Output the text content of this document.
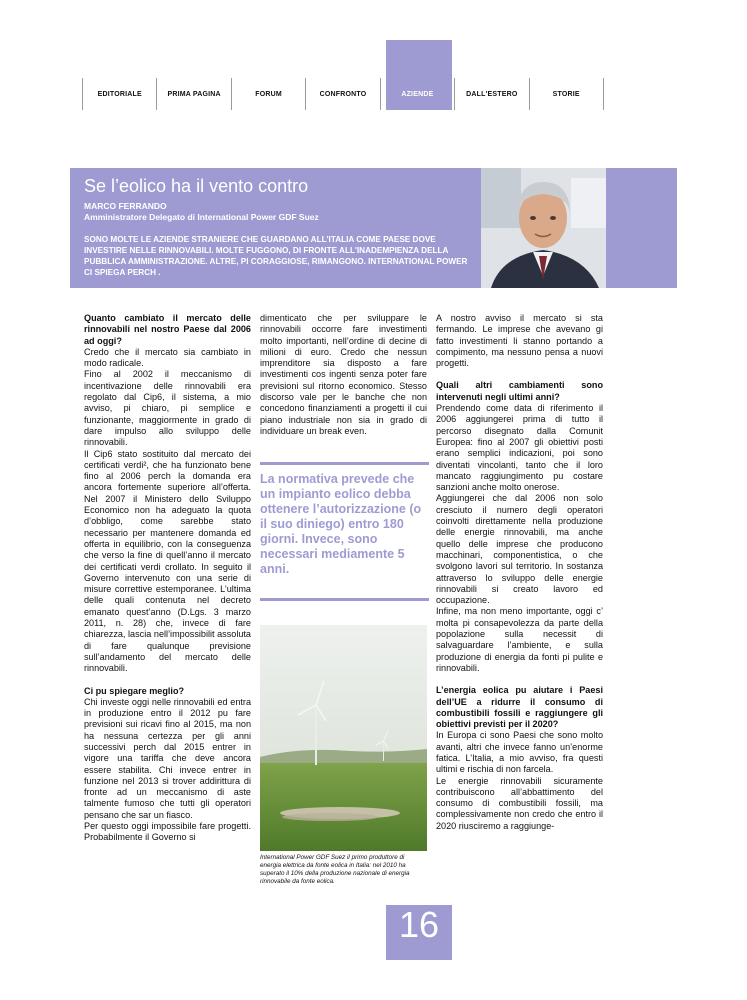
EDITORIALE	PRIMA PAGINA	FORUM	CONFRONTO	AZIENDE	DALL'ESTERO	STORIE
Se l’eolico ha il vento contro
MARCO FERRANDO
Amministratore Delegato di International Power GDF Suez

SONO MOLTE LE AZIENDE STRANIERE CHE GUARDANO ALL'ITALIA COME PAESE DOVE INVESTIRE NELLE RINNOVABILI. MOLTE FUGGONO, DI FRONTE ALL'INADEMPIENZA DELLA PUBBLICA AMMINISTRAZIONE. ALTRE, PI CORAGGIOSE, RIMANGONO. INTERNATIONAL POWER CI SPIEGA PERCH .

Quanto cambiato il mercato delle rinnovabili nel nostro Paese dal 2006 ad oggi?

Credo che il mercato sia cambiato in modo radicale.

Fino al 2002 il meccanismo di incentivazione delle rinnovabili era regolato dal Cip6, il sistema, a mio avviso, pi chiaro, pi semplice e funzionante, maggiormente in grado di dare impulso allo sviluppo delle rinnovabili.

Il Cip6 stato sostituito dal mercato dei certificati verdi², che ha funzionato bene fino al 2006 perch la domanda era ancora fortemente superiore all’offerta. Nel 2007 il Ministero dello Sviluppo Economico non ha adeguato la quota d’obbligo, come sarebbe stato necessario per mantenere domanda ed offerta in equilibrio, con la conseguenza che verso la fine di quell’anno il mercato dei certificati verdi crollato. In seguito il Governo intervenuto con una serie di misure correttive estemporanee. L’ultima delle quali contenuta nel decreto emanato quest’anno (D.Lgs. 3 marzo 2011, n. 28) che, invece di fare chiarezza, lascia nell’impossibilit assoluta di fare qualunque previsione sull’andamento del mercato delle rinnovabili.

Ci pu spiegare meglio?

Chi investe oggi nelle rinnovabili ed entra in produzione entro il 2012 pu fare previsioni sui ricavi fino al 2015, ma non ha nessuna certezza per gli anni successivi perch dal 2015 entrer in vigore una tariffa che deve ancora essere stabilita. Chi invece entrer in funzione nel 2013 si trover addirittura di fronte ad un meccanismo di aste talmente fumoso che tutti gli operatori pensano che sar un fiasco.

Per questo oggi impossibile fare progetti. Probabilmente il Governo si

dimenticato che per sviluppare le rinnovabili occorre fare investimenti molto importanti, nell’ordine di decine di milioni di euro. Credo che nessun imprenditore sia disposto a fare investimenti cos ingenti senza poter fare previsioni sul ritorno economico. Stesso discorso vale per le banche che non concedono finanziamenti a progetti il cui piano industriale non sia in grado di individuare un break even.

La normativa prevede che un impianto eolico debba ottenere l’autorizzazione (o il suo diniego) entro 180 giorni. Invece, sono necessari mediamente 5 anni.

International Power GDF Suez il primo produttore di energia elettrica da fonte eolica in Italia: nel 2010 ha superato il 10% della produzione nazionale di energia rinnovabile da fonte eolica.

A nostro avviso il mercato si sta fermando. Le imprese che avevano gi fatto investimenti li stanno portando a compimento, ma nessuno pensa a nuovi progetti.

Quali altri cambiamenti sono intervenuti negli ultimi anni?

Prendendo come data di riferimento il 2006 aggiungerei prima di tutto il percorso disegnato dalla Comunit Europea: fino al 2007 gli obiettivi posti erano semplici indicazioni, poi sono diventati vincolanti, tanto che il loro mancato raggiungimento pu costare sanzioni anche molto onerose.

Aggiungerei che dal 2006 non solo cresciuto il numero degli operatori coinvolti direttamente nella produzione delle energie rinnovabili, ma anche quello delle imprese che producono macchinari, componentistica, o che svolgono lavori sul territorio. In sostanza attraverso lo sviluppo delle energie rinnovabili si creato lavoro ed occupazione.

Infine, ma non meno importante, oggi c’ molta pi consapevolezza da parte della popolazione sulla necessit di salvaguardare l’ambiente, e sulla produzione di energia da fonti pi pulite e rinnovabili.

L’energia eolica pu aiutare i Paesi dell’UE a ridurre il consumo di combustibili fossili e raggiungere gli obiettivi previsti per il 2020?

In Europa ci sono Paesi che sono molto avanti, altri che invece fanno un’enorme fatica. L’Italia, a mio avviso, fra questi ultimi e rischia di non farcela.

Le energie rinnovabili sicuramente contribuiscono all’abbattimento del consumo di combustibili fossili, ma complessivamente non credo che entro il 2020 riusciremo a raggiunge-

16
